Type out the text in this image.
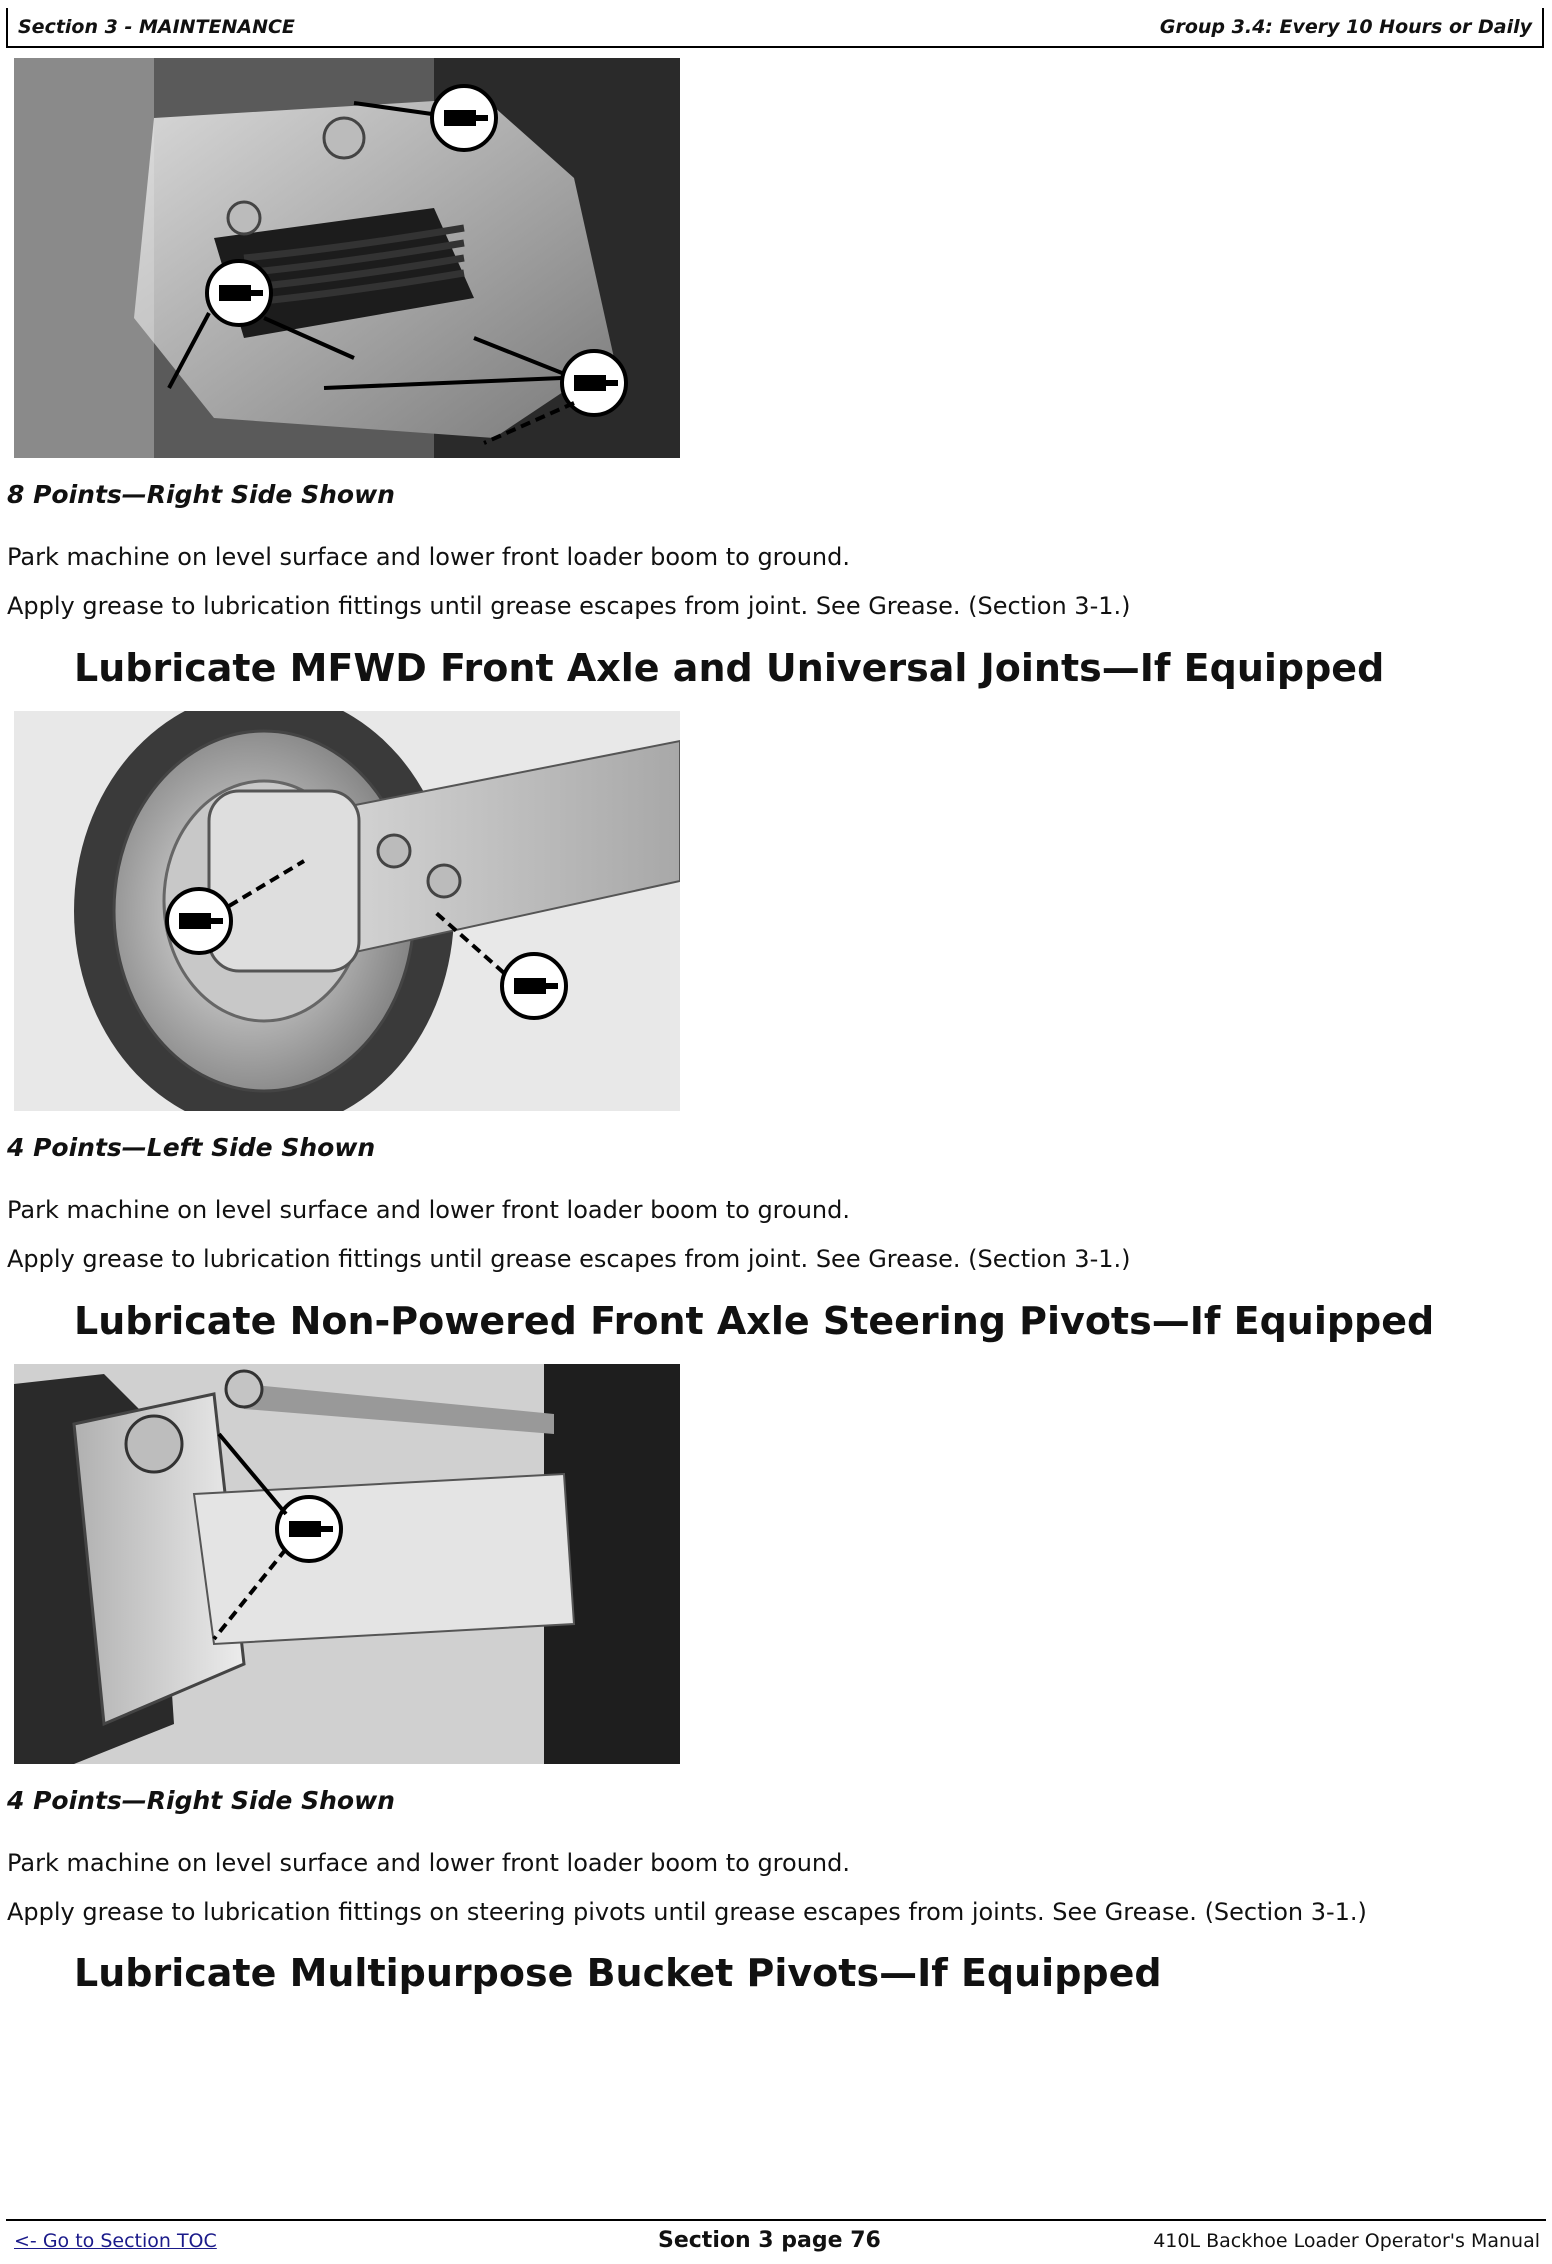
Section 3 - MAINTENANCE	Group 3.4: Every 10 Hours or Daily
8 Points—Right Side Shown
Park machine on level surface and lower front loader boom to ground.
Apply grease to lubrication fittings until grease escapes from joint. See Grease. (Section 3-1.)
Lubricate MFWD Front Axle and Universal Joints—If Equipped
4 Points—Left Side Shown
Park machine on level surface and lower front loader boom to ground.
Apply grease to lubrication fittings until grease escapes from joint. See Grease. (Section 3-1.)
Lubricate Non-Powered Front Axle Steering Pivots—If Equipped
4 Points—Right Side Shown
Park machine on level surface and lower front loader boom to ground.
Apply grease to lubrication fittings on steering pivots until grease escapes from joints. See Grease. (Section 3-1.)
Lubricate Multipurpose Bucket Pivots—If Equipped
<- Go to Section TOC	Section 3 page 76	410L Backhoe Loader Operator's Manual
